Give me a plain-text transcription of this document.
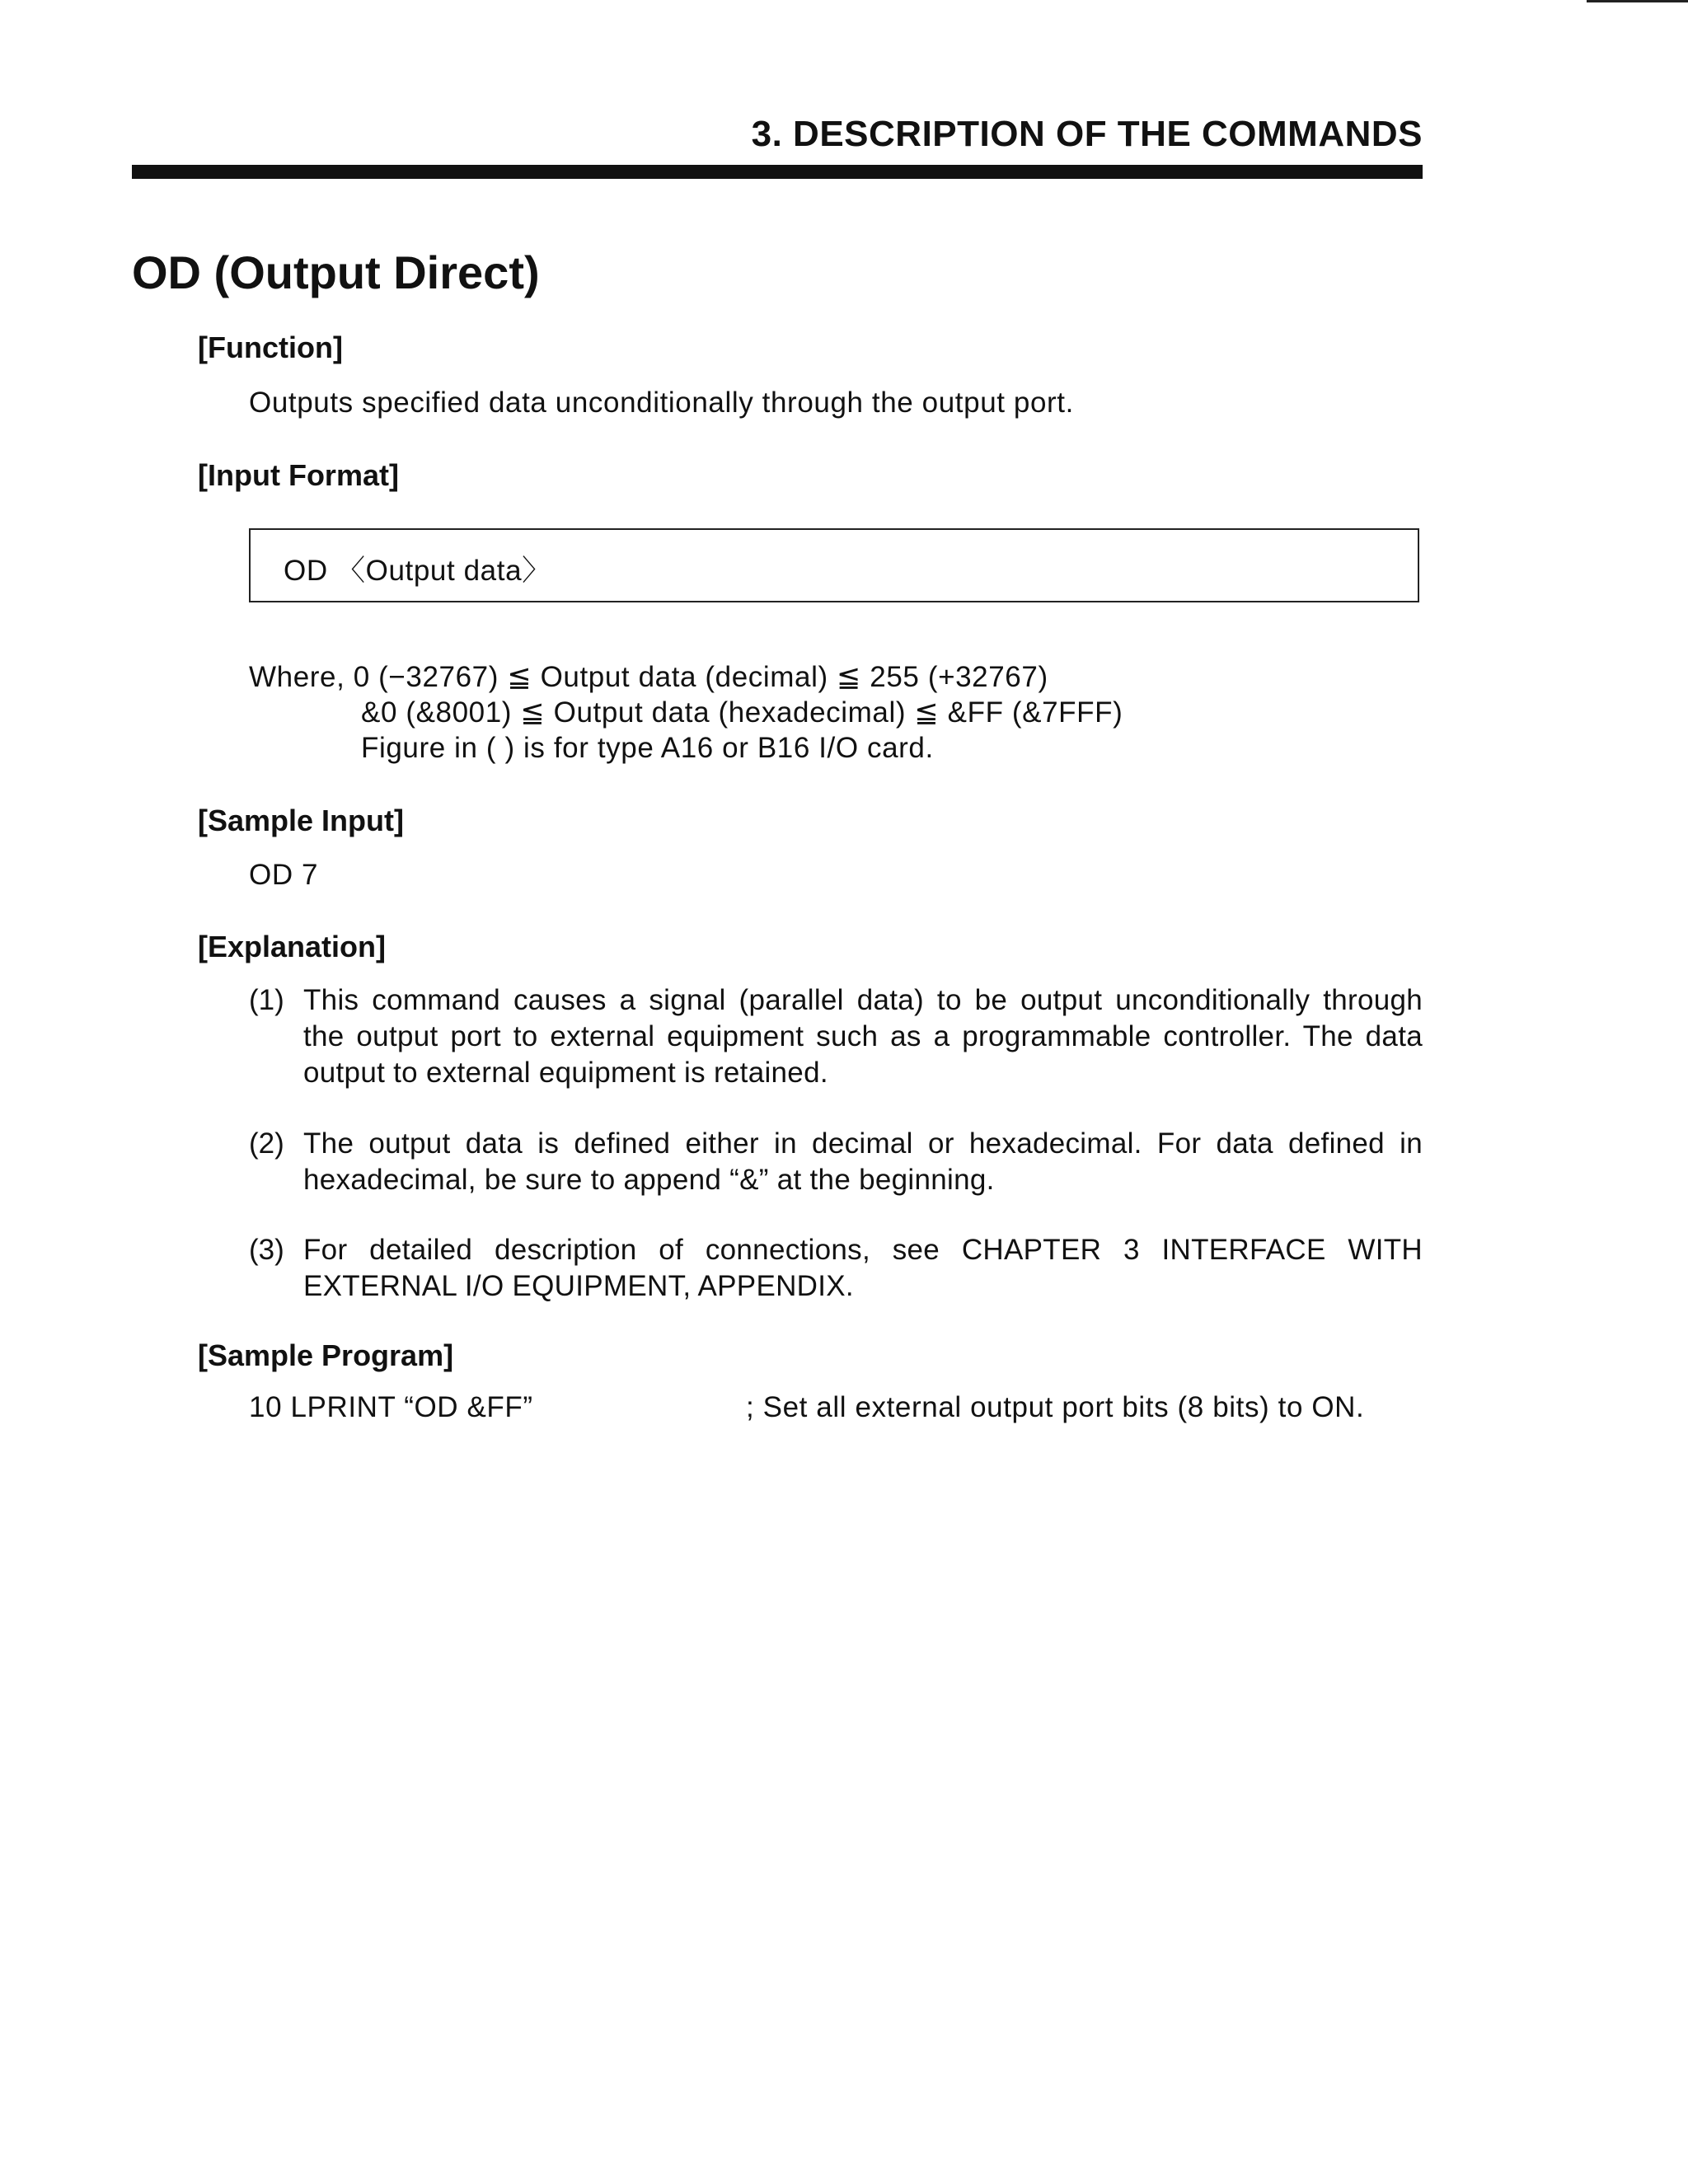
3. DESCRIPTION OF THE COMMANDS
OD (Output Direct)
[Function]
Outputs specified data unconditionally through the output port.
[Input Format]
OD 〈Output data〉
Where, 0 (−32767) ≦ Output data (decimal) ≦ 255 (+32767)
&0 (&8001) ≦ Output data (hexadecimal) ≦ &FF (&7FFF)
Figure in ( ) is for type A16 or B16 I/O card.
[Sample Input]
OD 7
[Explanation]
(1) This command causes a signal (parallel data) to be output unconditionally through
the output port to external equipment such as a programmable controller. The data
output to external equipment is retained.
(2) The output data is defined either in decimal or hexadecimal. For data defined in
hexadecimal, be sure to append “&” at the beginning.
(3) For detailed description of connections, see CHAPTER 3 INTERFACE WITH
EXTERNAL I/O EQUIPMENT, APPENDIX.
[Sample Program]
10 LPRINT “OD &FF”	; Set all external output port bits (8 bits) to ON.
